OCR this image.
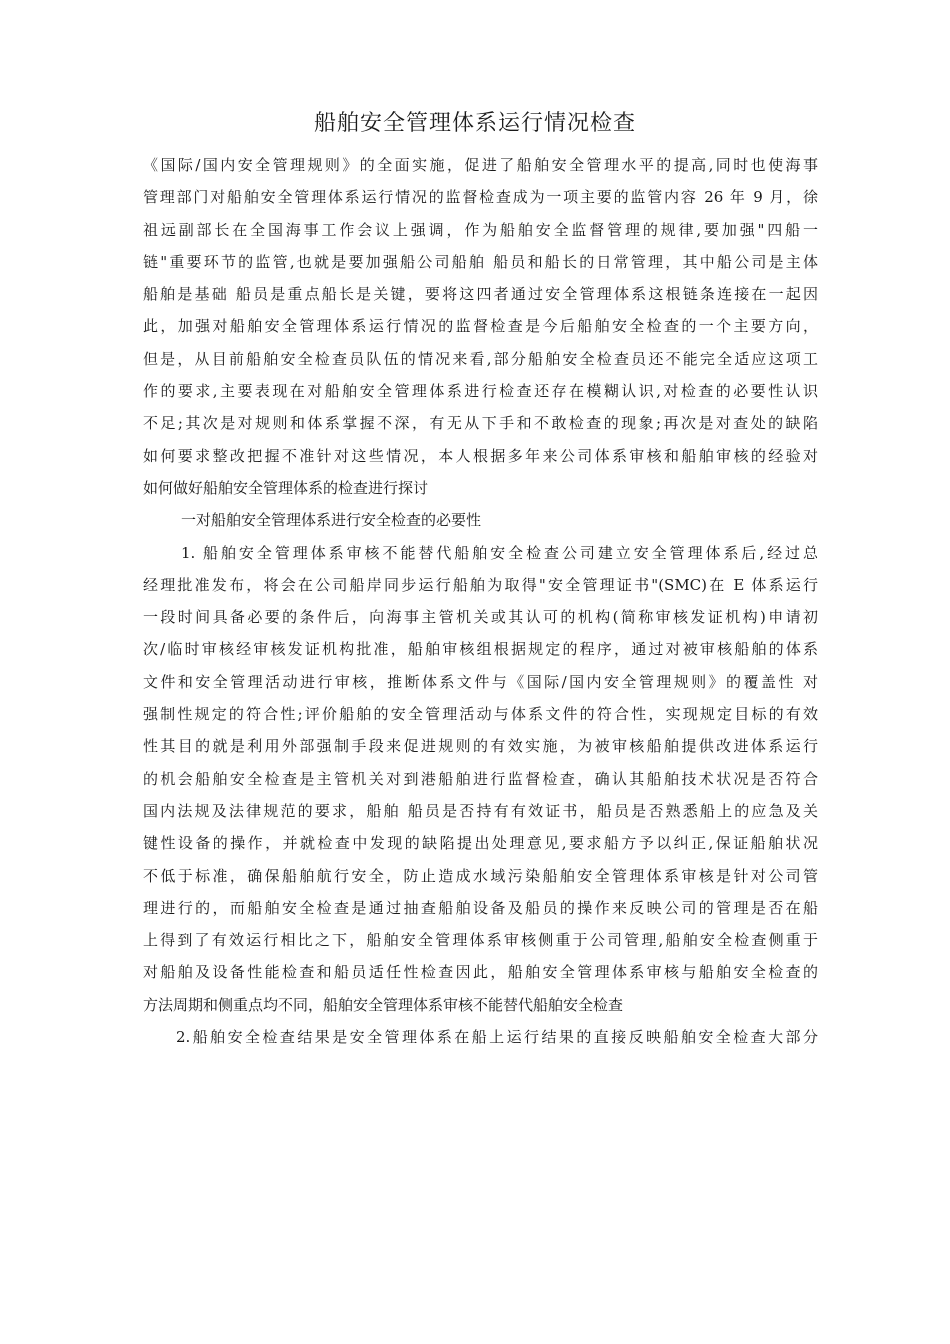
船舶安全管理体系运行情况检查
《国际/国内安全管理规则》的全面实施，促进了船舶安全管理水平的提高,同时也使海事
管理部门对船舶安全管理体系运行情况的监督检查成为一项主要的监管内容 26 年 9 月，徐
祖远副部长在全国海事工作会议上强调，作为船舶安全监督管理的规律,要加强"四船一
链"重要环节的监管,也就是要加强船公司船舶 船员和船长的日常管理，其中船公司是主体
船舶是基础 船员是重点船长是关键，要将这四者通过安全管理体系这根链条连接在一起因
此，加强对船舶安全管理体系运行情况的监督检查是今后船舶安全检查的一个主要方向，
但是，从目前船舶安全检查员队伍的情况来看,部分船舶安全检查员还不能完全适应这项工
作的要求,主要表现在对船舶安全管理体系进行检查还存在模糊认识,对检查的必要性认识
不足;其次是对规则和体系掌握不深，有无从下手和不敢检查的现象;再次是对查处的缺陷
如何要求整改把握不准针对这些情况，本人根据多年来公司体系审核和船舶审核的经验对
如何做好船舶安全管理体系的检查进行探讨
一对船舶安全管理体系进行安全检查的必要性
1. 船舶安全管理体系审核不能替代船舶安全检查公司建立安全管理体系后,经过总
经理批准发布，将会在公司船岸同步运行船舶为取得"安全管理证书"(SMC)在 E 体系运行
一段时间具备必要的条件后，向海事主管机关或其认可的机构(简称审核发证机构)申请初
次/临时审核经审核发证机构批准，船舶审核组根据规定的程序，通过对被审核船舶的体系
文件和安全管理活动进行审核，推断体系文件与《国际/国内安全管理规则》的覆盖性 对
强制性规定的符合性;评价船舶的安全管理活动与体系文件的符合性，实现规定目标的有效
性其目的就是利用外部强制手段来促进规则的有效实施，为被审核船舶提供改进体系运行
的机会船舶安全检查是主管机关对到港船舶进行监督检查，确认其船舶技术状况是否符合
国内法规及法律规范的要求，船舶 船员是否持有有效证书，船员是否熟悉船上的应急及关
键性设备的操作，并就检查中发现的缺陷提出处理意见,要求船方予以纠正,保证船舶状况
不低于标准，确保船舶航行安全，防止造成水域污染船舶安全管理体系审核是针对公司管
理进行的，而船舶安全检查是通过抽查船舶设备及船员的操作来反映公司的管理是否在船
上得到了有效运行相比之下，船舶安全管理体系审核侧重于公司管理,船舶安全检查侧重于
对船舶及设备性能检查和船员适任性检查因此，船舶安全管理体系审核与船舶安全检查的
方法周期和侧重点均不同，船舶安全管理体系审核不能替代船舶安全检查
2.船舶安全检查结果是安全管理体系在船上运行结果的直接反映船舶安全检查大部分
